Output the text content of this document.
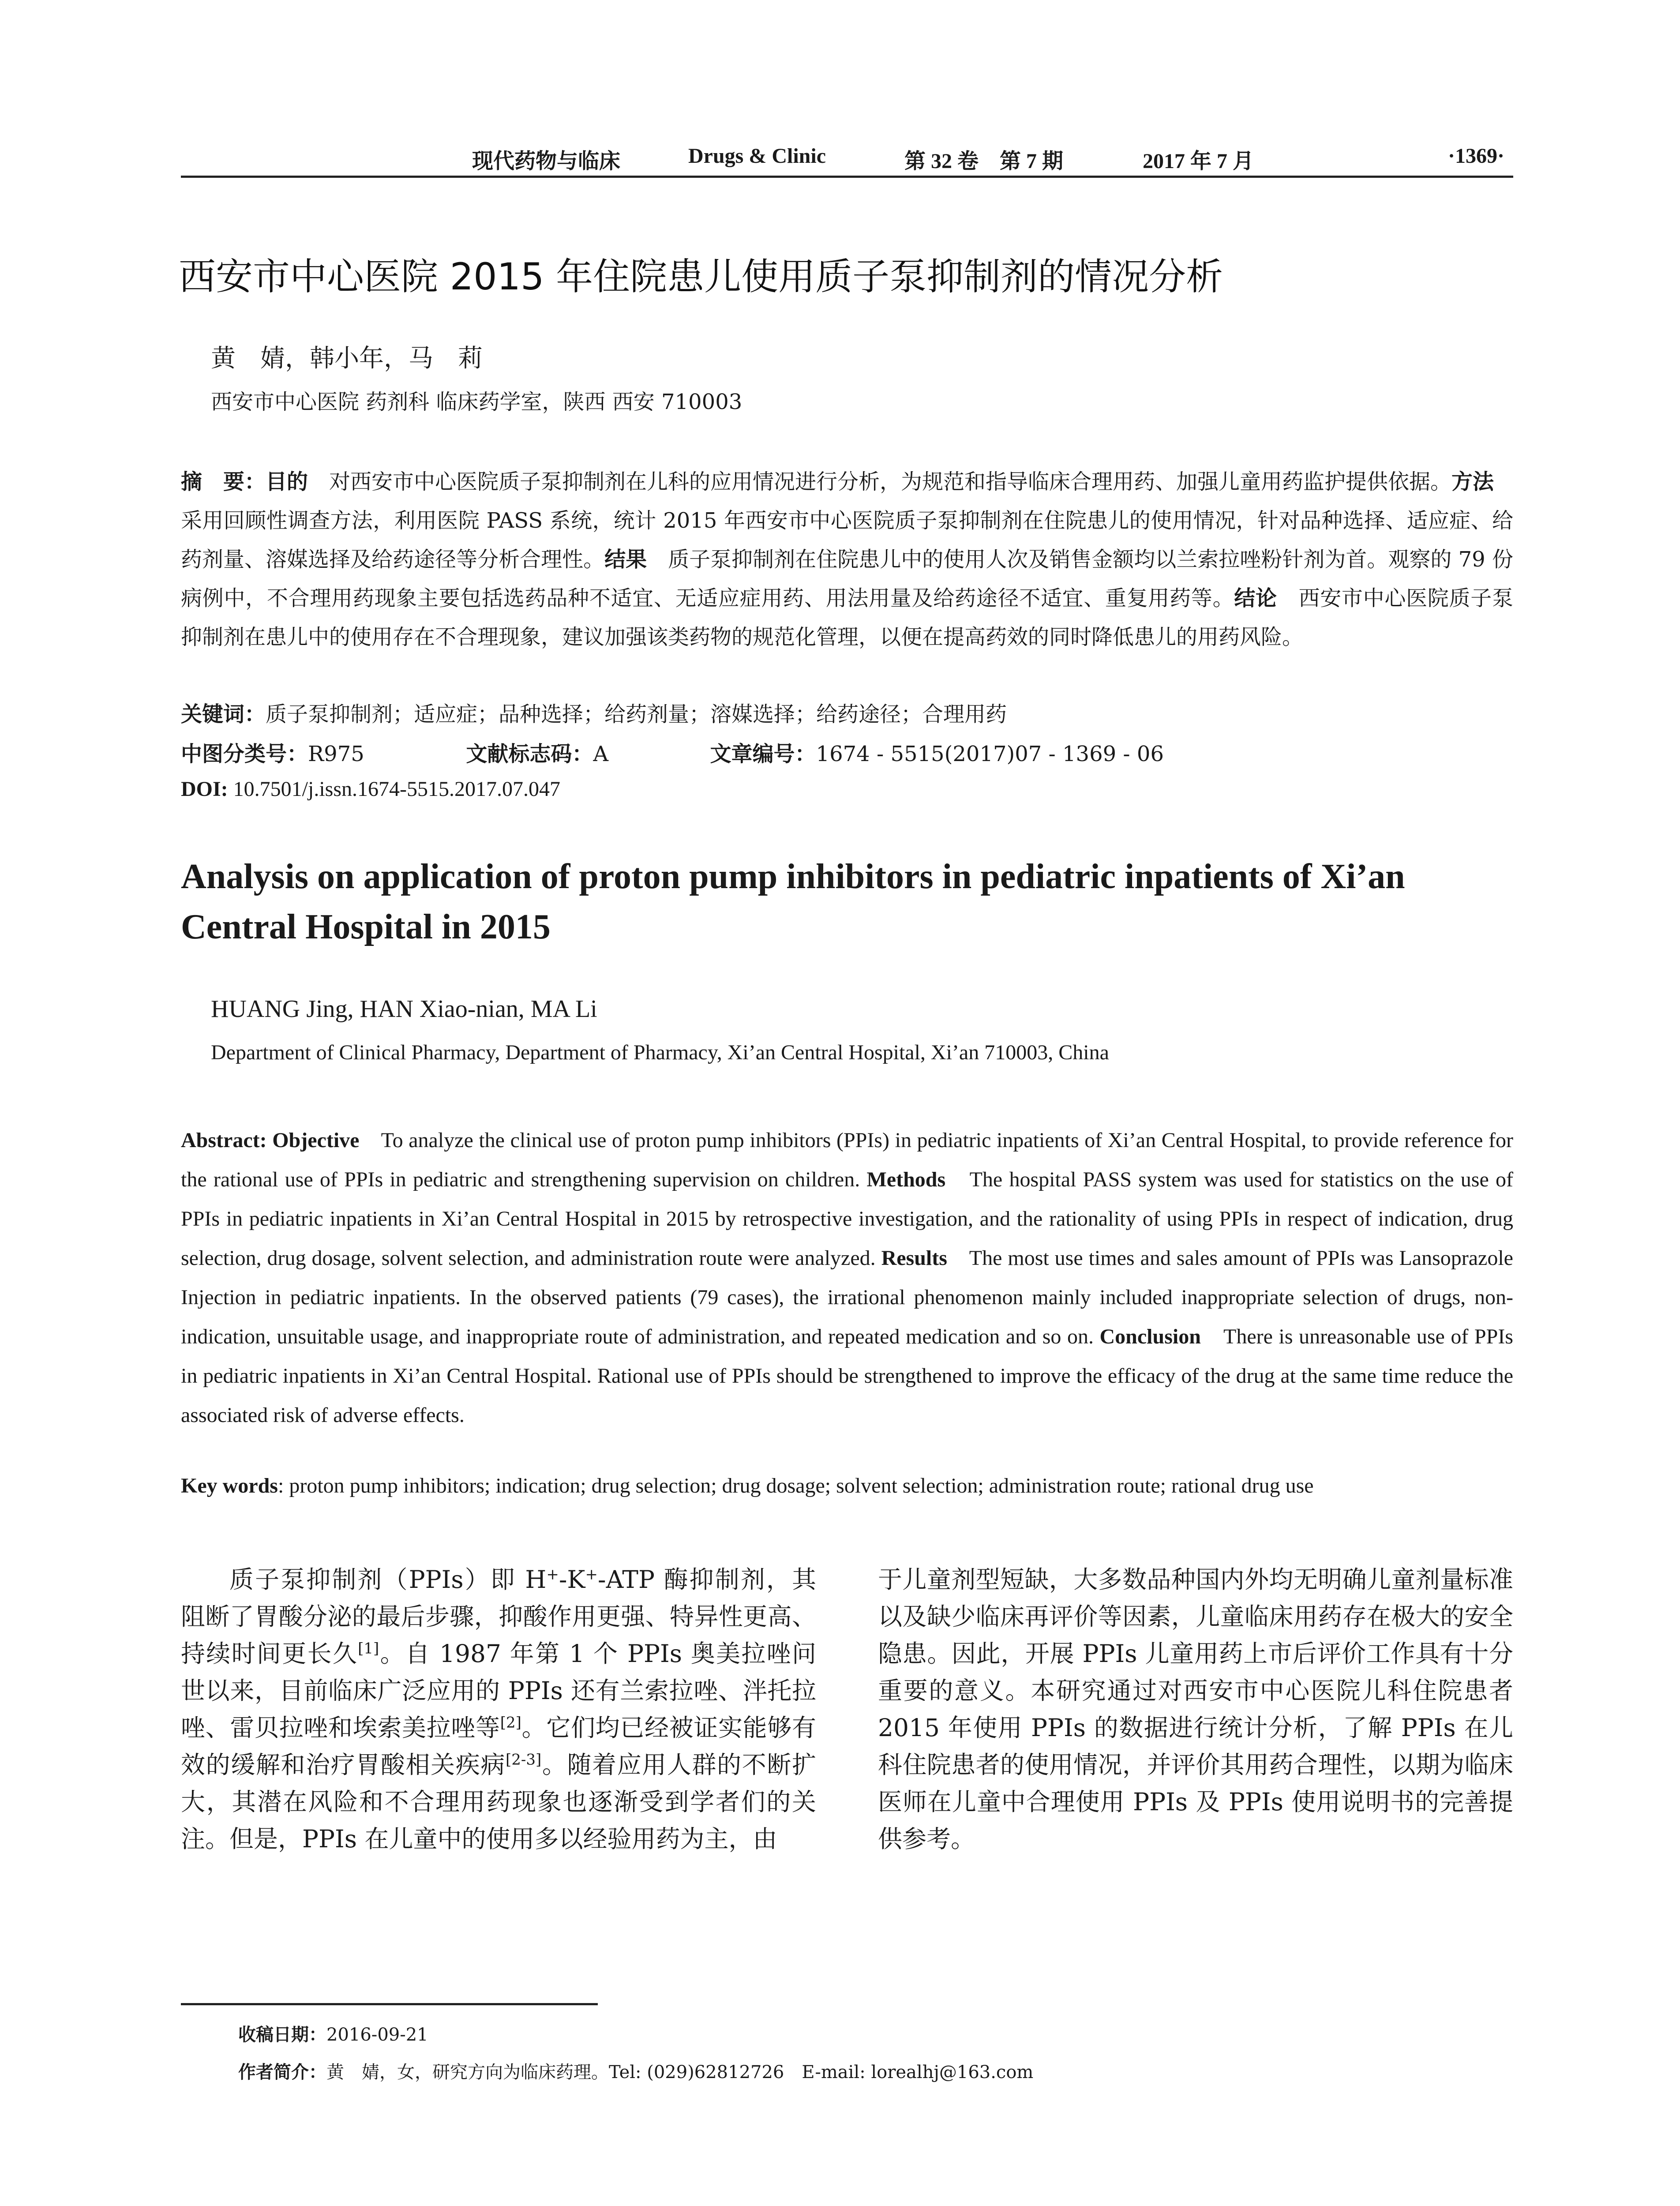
现代药物与临床	Drugs & Clinic	第 32 卷　第 7 期	2017 年 7 月	·1369·
西安市中心医院 2015 年住院患儿使用质子泵抑制剂的情况分析
黄　婧，韩小年，马　莉
西安市中心医院 药剂科 临床药学室，陕西 西安 710003
摘　要：目的　对西安市中心医院质子泵抑制剂在儿科的应用情况进行分析，为规范和指导临床合理用药、加强儿童用药监护提供依据。方法　采用回顾性调查方法，利用医院 PASS 系统，统计 2015 年西安市中心医院质子泵抑制剂在住院患儿的使用情况，针对品种选择、适应症、给药剂量、溶媒选择及给药途径等分析合理性。结果　质子泵抑制剂在住院患儿中的使用人次及销售金额均以兰索拉唑粉针剂为首。观察的 79 份病例中，不合理用药现象主要包括选药品种不适宜、无适应症用药、用法用量及给药途径不适宜、重复用药等。结论　西安市中心医院质子泵抑制剂在患儿中的使用存在不合理现象，建议加强该类药物的规范化管理，以便在提高药效的同时降低患儿的用药风险。
关键词：质子泵抑制剂；适应症；品种选择；给药剂量；溶媒选择；给药途径；合理用药
中图分类号：R975	文献标志码：A	文章编号：1674 - 5515(2017)07 - 1369 - 06
DOI: 10.7501/j.issn.1674-5515.2017.07.047
Analysis on application of proton pump inhibitors in pediatric inpatients of Xi’an Central Hospital in 2015
HUANG Jing, HAN Xiao-nian, MA Li
Department of Clinical Pharmacy, Department of Pharmacy, Xi’an Central Hospital, Xi’an 710003, China
Abstract: Objective　To analyze the clinical use of proton pump inhibitors (PPIs) in pediatric inpatients of Xi’an Central Hospital, to provide reference for the rational use of PPIs in pediatric and strengthening supervision on children. Methods　The hospital PASS system was used for statistics on the use of PPIs in pediatric inpatients in Xi’an Central Hospital in 2015 by retrospective investigation, and the rationality of using PPIs in respect of indication, drug selection, drug dosage, solvent selection, and administration route were analyzed. Results　The most use times and sales amount of PPIs was Lansoprazole Injection in pediatric inpatients. In the observed patients (79 cases), the irrational phenomenon mainly included inappropriate selection of drugs, non-indication, unsuitable usage, and inappropriate route of administration, and repeated medication and so on. Conclusion　There is unreasonable use of PPIs in pediatric inpatients in Xi’an Central Hospital. Rational use of PPIs should be strengthened to improve the efficacy of the drug at the same time reduce the associated risk of adverse effects.
Key words: proton pump inhibitors; indication; drug selection; drug dosage; solvent selection; administration route; rational drug use

质子泵抑制剂（PPIs）即 H+-K+-ATP 酶抑制剂，其阻断了胃酸分泌的最后步骤，抑酸作用更强、特异性更高、持续时间更长久[1]。自 1987 年第 1 个 PPIs 奥美拉唑问世以来，目前临床广泛应用的 PPIs 还有兰索拉唑、泮托拉唑、雷贝拉唑和埃索美拉唑等[2]。它们均已经被证实能够有效的缓解和治疗胃酸相关疾病[2-3]。随着应用人群的不断扩大，其潜在风险和不合理用药现象也逐渐受到学者们的关注。但是，PPIs 在儿童中的使用多以经验用药为主，由

于儿童剂型短缺，大多数品种国内外均无明确儿童剂量标准以及缺少临床再评价等因素，儿童临床用药存在极大的安全隐患。因此，开展 PPIs 儿童用药上市后评价工作具有十分重要的意义。本研究通过对西安市中心医院儿科住院患者 2015 年使用 PPIs 的数据进行统计分析，了解 PPIs 在儿科住院患者的使用情况，并评价其用药合理性，以期为临床医师在儿童中合理使用 PPIs 及 PPIs 使用说明书的完善提供参考。

收稿日期：2016-09-21
作者简介：黄　婧，女，研究方向为临床药理。Tel: (029)62812726　E-mail: lorealhj@163.com
